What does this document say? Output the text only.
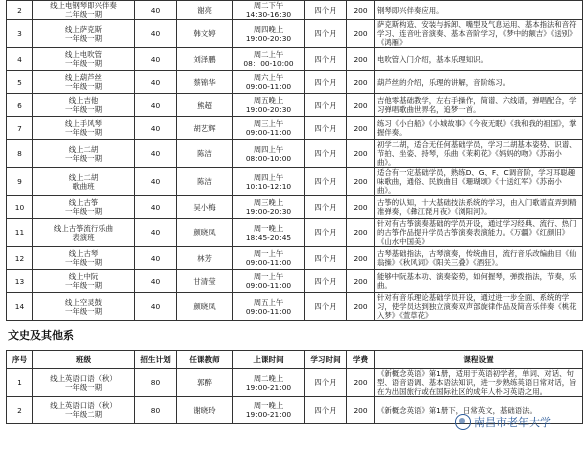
2	线上电钢琴即兴伴奏
二年级一期	40	谢亮	周二下午
14:30-16:30	四个月	200	钢琴即兴伴奏应用。
3	线上萨克斯
一年级一期	40	韩文婷	周四晚上
19:00-20:30	四个月	200	萨克斯构造、安装与拆卸、嘴型及气息运用、基本指法和音符学习、连音吐音演奏、基本音阶学习，《梦中的额吉》《送别》《鸿雁》
4	线上电吹管
一年级一期	40	刘泽鹏	周二上午
08：00-10:00	四个月	200	电吹管入门介绍，基本乐理知识。
5	线上葫芦丝
一年级一期	40	蔡锦华	周六上午
09:00-11:00	四个月	200	葫芦丝的介绍，乐理的讲解，音阶练习。
6	线上吉他
一年级一期	40	熊超	周五晚上
19:00-20:30	四个月	200	吉他零基础教学，左右手操作，简谱、六线谱，弹唱配合，学习弹唱歌曲世界名，追梦一首。
7	线上手风琴
一年级一期	40	胡艺辉	周三上午
09:00-11:00	四个月	200	练习《小白船》《小城故事》《今夜无眠》《我和我的祖国》，掌握伴奏。
8	线上二胡
一年级一期	40	陈洁	周四上午
08:00-10:00	四个月	200	初学二胡，适合无任何基础学员，学习二胡基本姿势、识谱、节拍、坐姿、持琴，乐曲《茉莉花》《妈妈的吻》《苏南小曲》。
9	线上二胡
歌曲班	40	陈洁	周四上午
10:10-12:10	四个月	200	适合有一定基础学员，熟练D、G、F、C调音阶，学习耳聪趣味歌曲，通俗、民族曲目《珊瑚颂》《十送红军》《苏南小曲》。
10	线上古筝
一年级一期	40	吴小梅	周三晚上
19:00-20:30	四个月	200	古筝的认知，十大基础技法系统的学习，由入门歌谱直弄到精准弹奏，《彝江琵月夜》《浏阳河》。
11	线上古筝流行乐曲
表演班	40	颜晓凤	周一晚上
18:45-20:45	四个月	200	针对有古筝演奏基础的学员开设，通过学习经典、流行、热门的古筝作品提升学员古筝演奏表演能力。《万疆》《红颜旧》《山水中国美》
12	线上古琴
一年级一期	40	林芳	周一上午
09:00-11:00	四个月	200	古琴基础指法，古琴演奏，传统曲目，流行音乐改编曲目《仙翁操》《秋风词》《阳关三叠》《酒狂》。
13	线上中阮
一年级一期	40	甘清莹	周一上午
09:00-11:00	四个月	200	能够中阮基本功、演奏姿势，如何握琴，弹拨指法，节奏，乐曲。
14	线上空灵鼓
一年级一期	40	颜晓凤	周五上午
09:00-11:00	四个月	200	针对有音乐理论基础学员开设，通过进一步全面、系统的学习，使学员达到独立演奏双声部旋律作品及简音乐伴奏《桃花入梦》《萱草花》
文史及其他系
序号	班级	招生计划	任课教师	上课时间	学习时间	学费	课程设置
1	线上英语口语（秋）
一年级一期	80	郭醉	周二晚上
19:00-21:00	四个月	200	《新概念英语》第1册，适用于英语初学者，单词、对话、句型、语音语调、基本语法知识，进一步熟练英语日常对话，旨在为出国旅行或在国际社区的成年人朴习英语之用。
2	线上英语口语（秋）
一年级二期	80	谢晓玲	周一晚上
19:00-21:00	四个月	200	《新概念英语》第1册下，日常英文，基础语法。
南昌市老年大学
